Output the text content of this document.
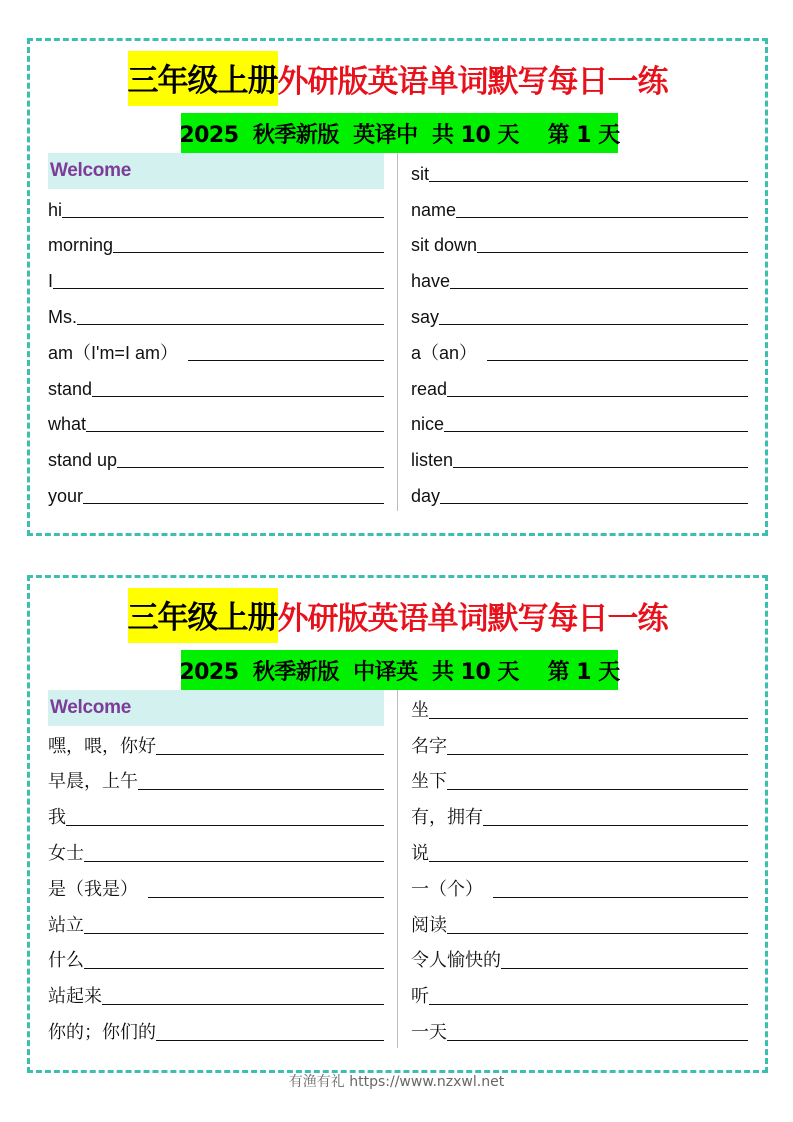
三年级上册 外研版英语单词默写每日一练
2025  秋季新版  英译中  共 10 天    第 1 天
Welcome
hi
morning
I
Ms.
am（I'm=I am）
stand
what
stand up
your
sit
name
sit down
have
say
a（an）
read
nice
listen
day
三年级上册 外研版英语单词默写每日一练
2025  秋季新版  中译英  共 10 天    第 1 天
Welcome
嘿，喂，你好
早晨，上午
我
女士
是（我是）
站立
什么
站起来
你的；你们的
坐
名字
坐下
有，拥有
说
一（个）
阅读
令人愉快的
听
一天
有渔有礼 https://www.nzxwl.net
